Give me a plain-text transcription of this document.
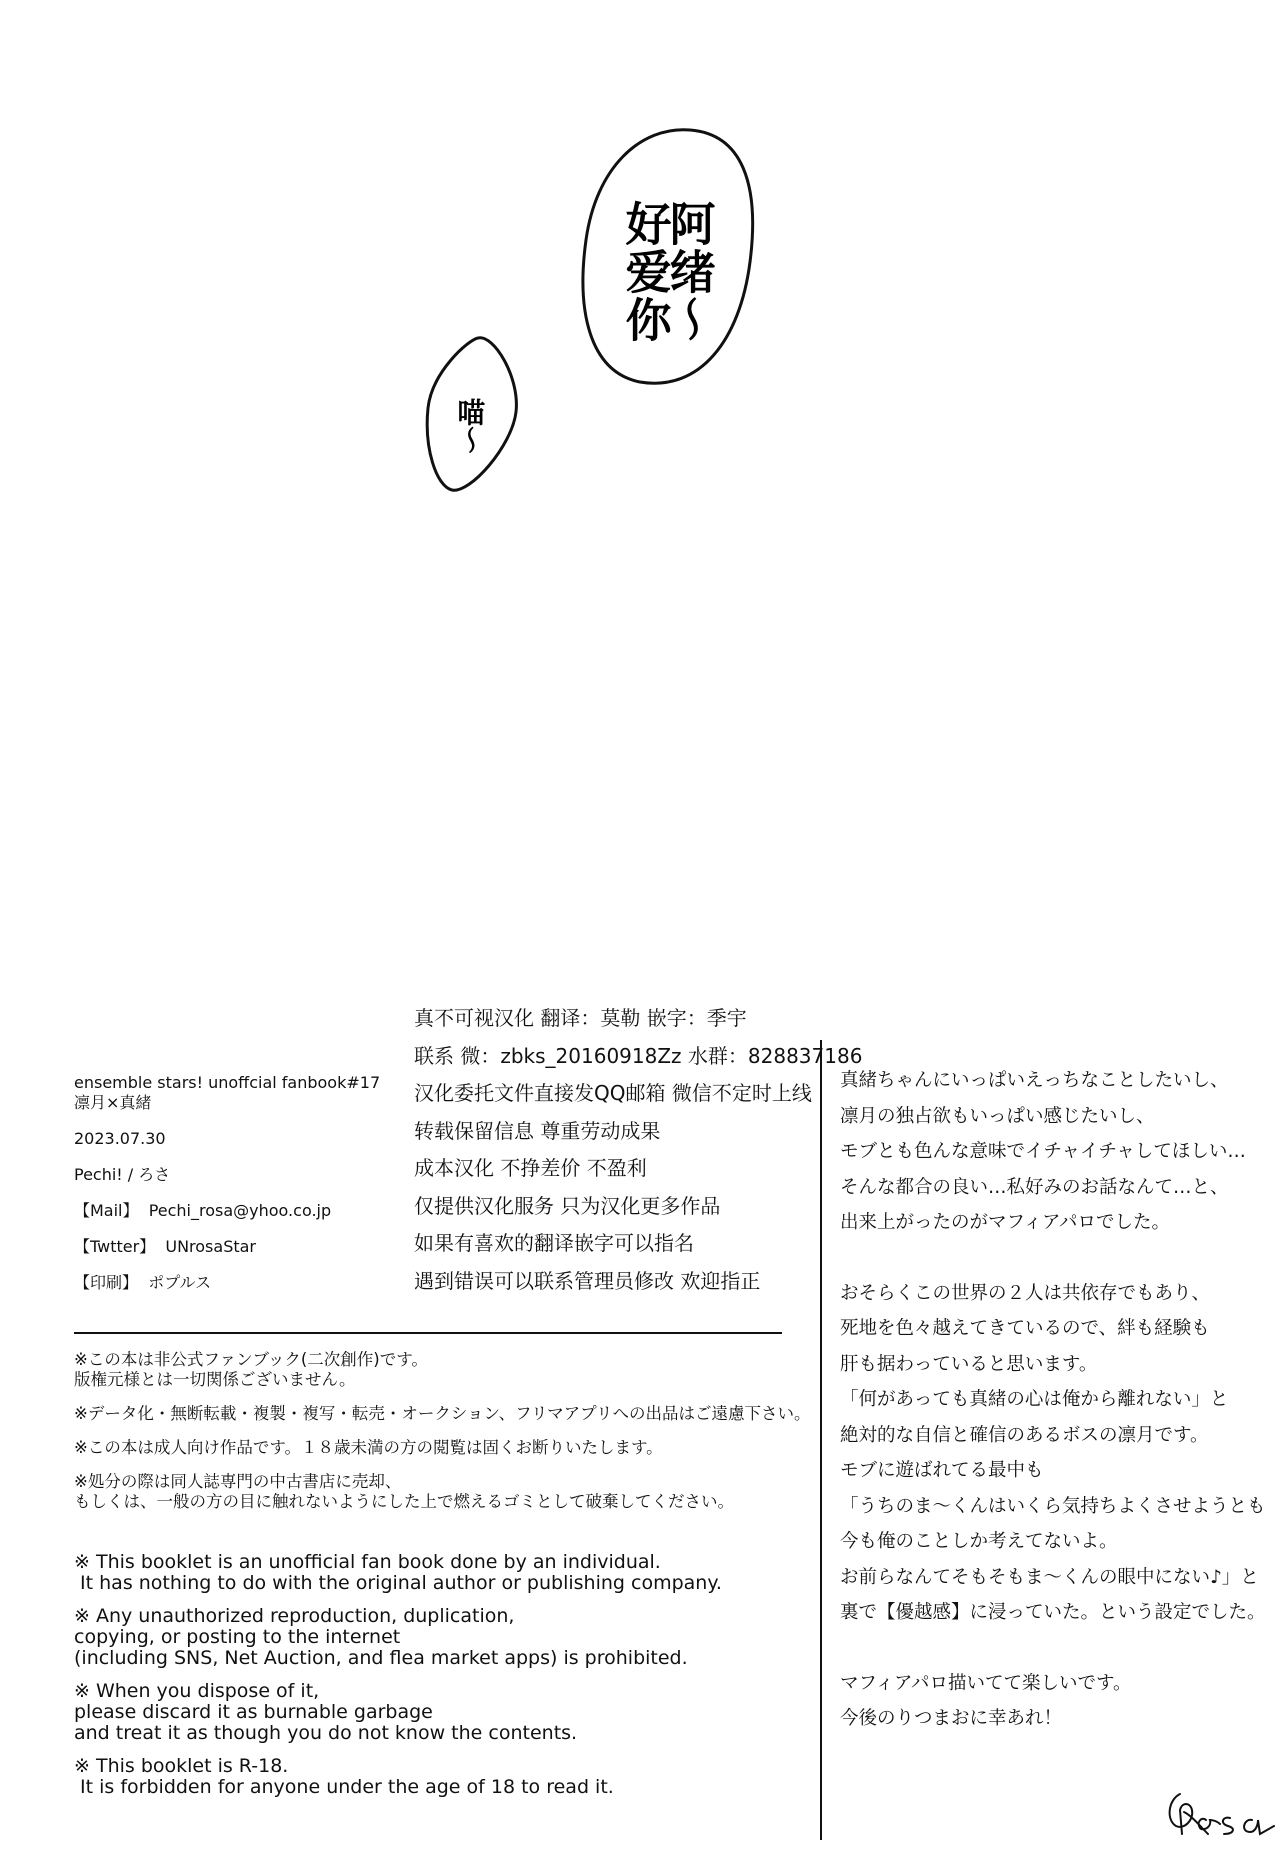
阿绪～
好爱你
喵～
真不可视汉化 翻译：莫勒 嵌字：季宇
联系 微：zbks_20160918Zz 水群：828837186
汉化委托文件直接发QQ邮箱 微信不定时上线
转载保留信息 尊重劳动成果
成本汉化 不挣差价 不盈利
仅提供汉化服务 只为汉化更多作品
如果有喜欢的翻译嵌字可以指名
遇到错误可以联系管理员修改 欢迎指正
ensemble stars! unoffcial fanbook#17
凛月×真緒
2023.07.30
Pechi! / ろさ
【Mail】 Pechi_rosa@yhoo.co.jp
【Twtter】 UNrosaStar
【印刷】 ポプルス
※この本は非公式ファンブック(二次創作)です。
版権元様とは一切関係ございません。
※データ化・無断転載・複製・複写・転売・オークション、フリマアプリへの出品はご遠慮下さい。
※この本は成人向け作品です。１８歳未満の方の閲覧は固くお断りいたします。
※処分の際は同人誌専門の中古書店に売却、
もしくは、一般の方の目に触れないようにした上で燃えるゴミとして破棄してください。
※ This booklet is an unofficial fan book done by an individual.
It has nothing to do with the original author or publishing company.
※ Any unauthorized reproduction, duplication,
copying, or posting to the internet
(including SNS, Net Auction, and flea market apps) is prohibited.
※ When you dispose of it,
please discard it as burnable garbage
and treat it as though you do not know the contents.
※ This booklet is R-18.
It is forbidden for anyone under the age of 18 to read it.
真緒ちゃんにいっぱいえっちなことしたいし、
凛月の独占欲もいっぱい感じたいし、
モブとも色んな意味でイチャイチャしてほしい…
そんな都合の良い…私好みのお話なんて…と、
出来上がったのがマフィアパロでした。
おそらくこの世界の２人は共依存でもあり、
死地を色々越えてきているので、絆も経験も
肝も据わっていると思います。
「何があっても真緒の心は俺から離れない」と
絶対的な自信と確信のあるボスの凛月です。
モブに遊ばれてる最中も
「うちのま～くんはいくら気持ちよくさせようとも
今も俺のことしか考えてないよ。
お前らなんてそもそもま～くんの眼中にない♪」と
裏で【優越感】に浸っていた。という設定でした。
マフィアパロ描いてて楽しいです。
今後のりつまおに幸あれ！
